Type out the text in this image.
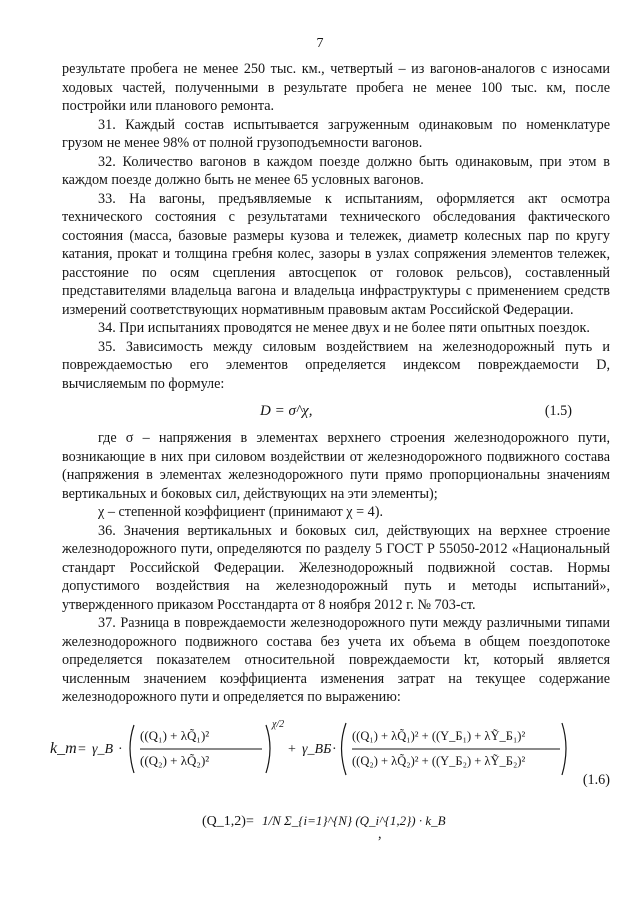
7

результате пробега не менее 250 тыс. км., четвертый – из вагонов-аналогов с износами ходовых частей, полученными в результате пробега не менее 100 тыс. км, после постройки или планового ремонта.

31. Каждый состав испытывается загруженным одинаковым по номенклатуре грузом не менее 98% от полной грузоподъемности вагонов.

32. Количество вагонов в каждом поезде должно быть одинаковым, при этом в каждом поезде должно быть не менее 65 условных вагонов.

33. На вагоны, предъявляемые к испытаниям, оформляется акт осмотра технического состояния с результатами технического обследования фактического состояния (масса, базовые размеры кузова и тележек, диаметр колесных пар по кругу катания, прокат и толщина гребня колес, зазоры в узлах сопряжения элементов тележек, расстояние по осям сцепления автосцепок от головок рельсов), составленный представителями владельца вагона и владельца инфраструктуры с применением средств измерений соответствующих нормативным правовым актам Российской Федерации.

34. При испытаниях проводятся не менее двух и не более пяти опытных поездок.

35. Зависимость между силовым воздействием на железнодорожный путь и повреждаемостью его элементов определяется индексом повреждаемости D, вычисляемым по формуле:

D = σ^χ,	(1.5)

где σ – напряжения в элементах верхнего строения железнодорожного пути, возникающие в них при силовом воздействии от железнодорожного подвижного состава (напряжения в элементах железнодорожного пути прямо пропорциональны значениям вертикальных и боковых сил, действующих на эти элементы);

χ – степенной коэффициент (принимают χ = 4).

36. Значения вертикальных и боковых сил, действующих на верхнее строение железнодорожного пути, определяются по разделу 5 ГОСТ Р 55050-2012 «Национальный стандарт Российской Федерации. Железнодорожный подвижной состав. Нормы допустимого воздействия на железнодорожный путь и методы испытаний», утвержденного приказом Росстандарта от 8 ноября 2012 г. № 703-ст.

37. Разница в повреждаемости железнодорожного пути между различными типами железнодорожного подвижного состава без учета их объема в общем поездопотоке определяется показателем относительной повреждаемости kт, который является численным значением коэффициента изменения затрат на текущее содержание железнодорожного пути и определяется по выражению:

k_т = γ_В ·
((Q₁) + λQ̃₁)²
((Q₂) + λQ̃₂)²
χ/2
+ γ_ВБ ·
((Q₁) + λQ̃₁)² + ((Y_Б₁) + λỸ_Б₁)²
((Q₂) + λQ̃₂)² + ((Y_Б₂) + λỸ_Б₂)²
(Q_1,2) = 1/N Σ_{i=1}^{N} (Q_i^{1,2}) · k_В
(1.6)
,
